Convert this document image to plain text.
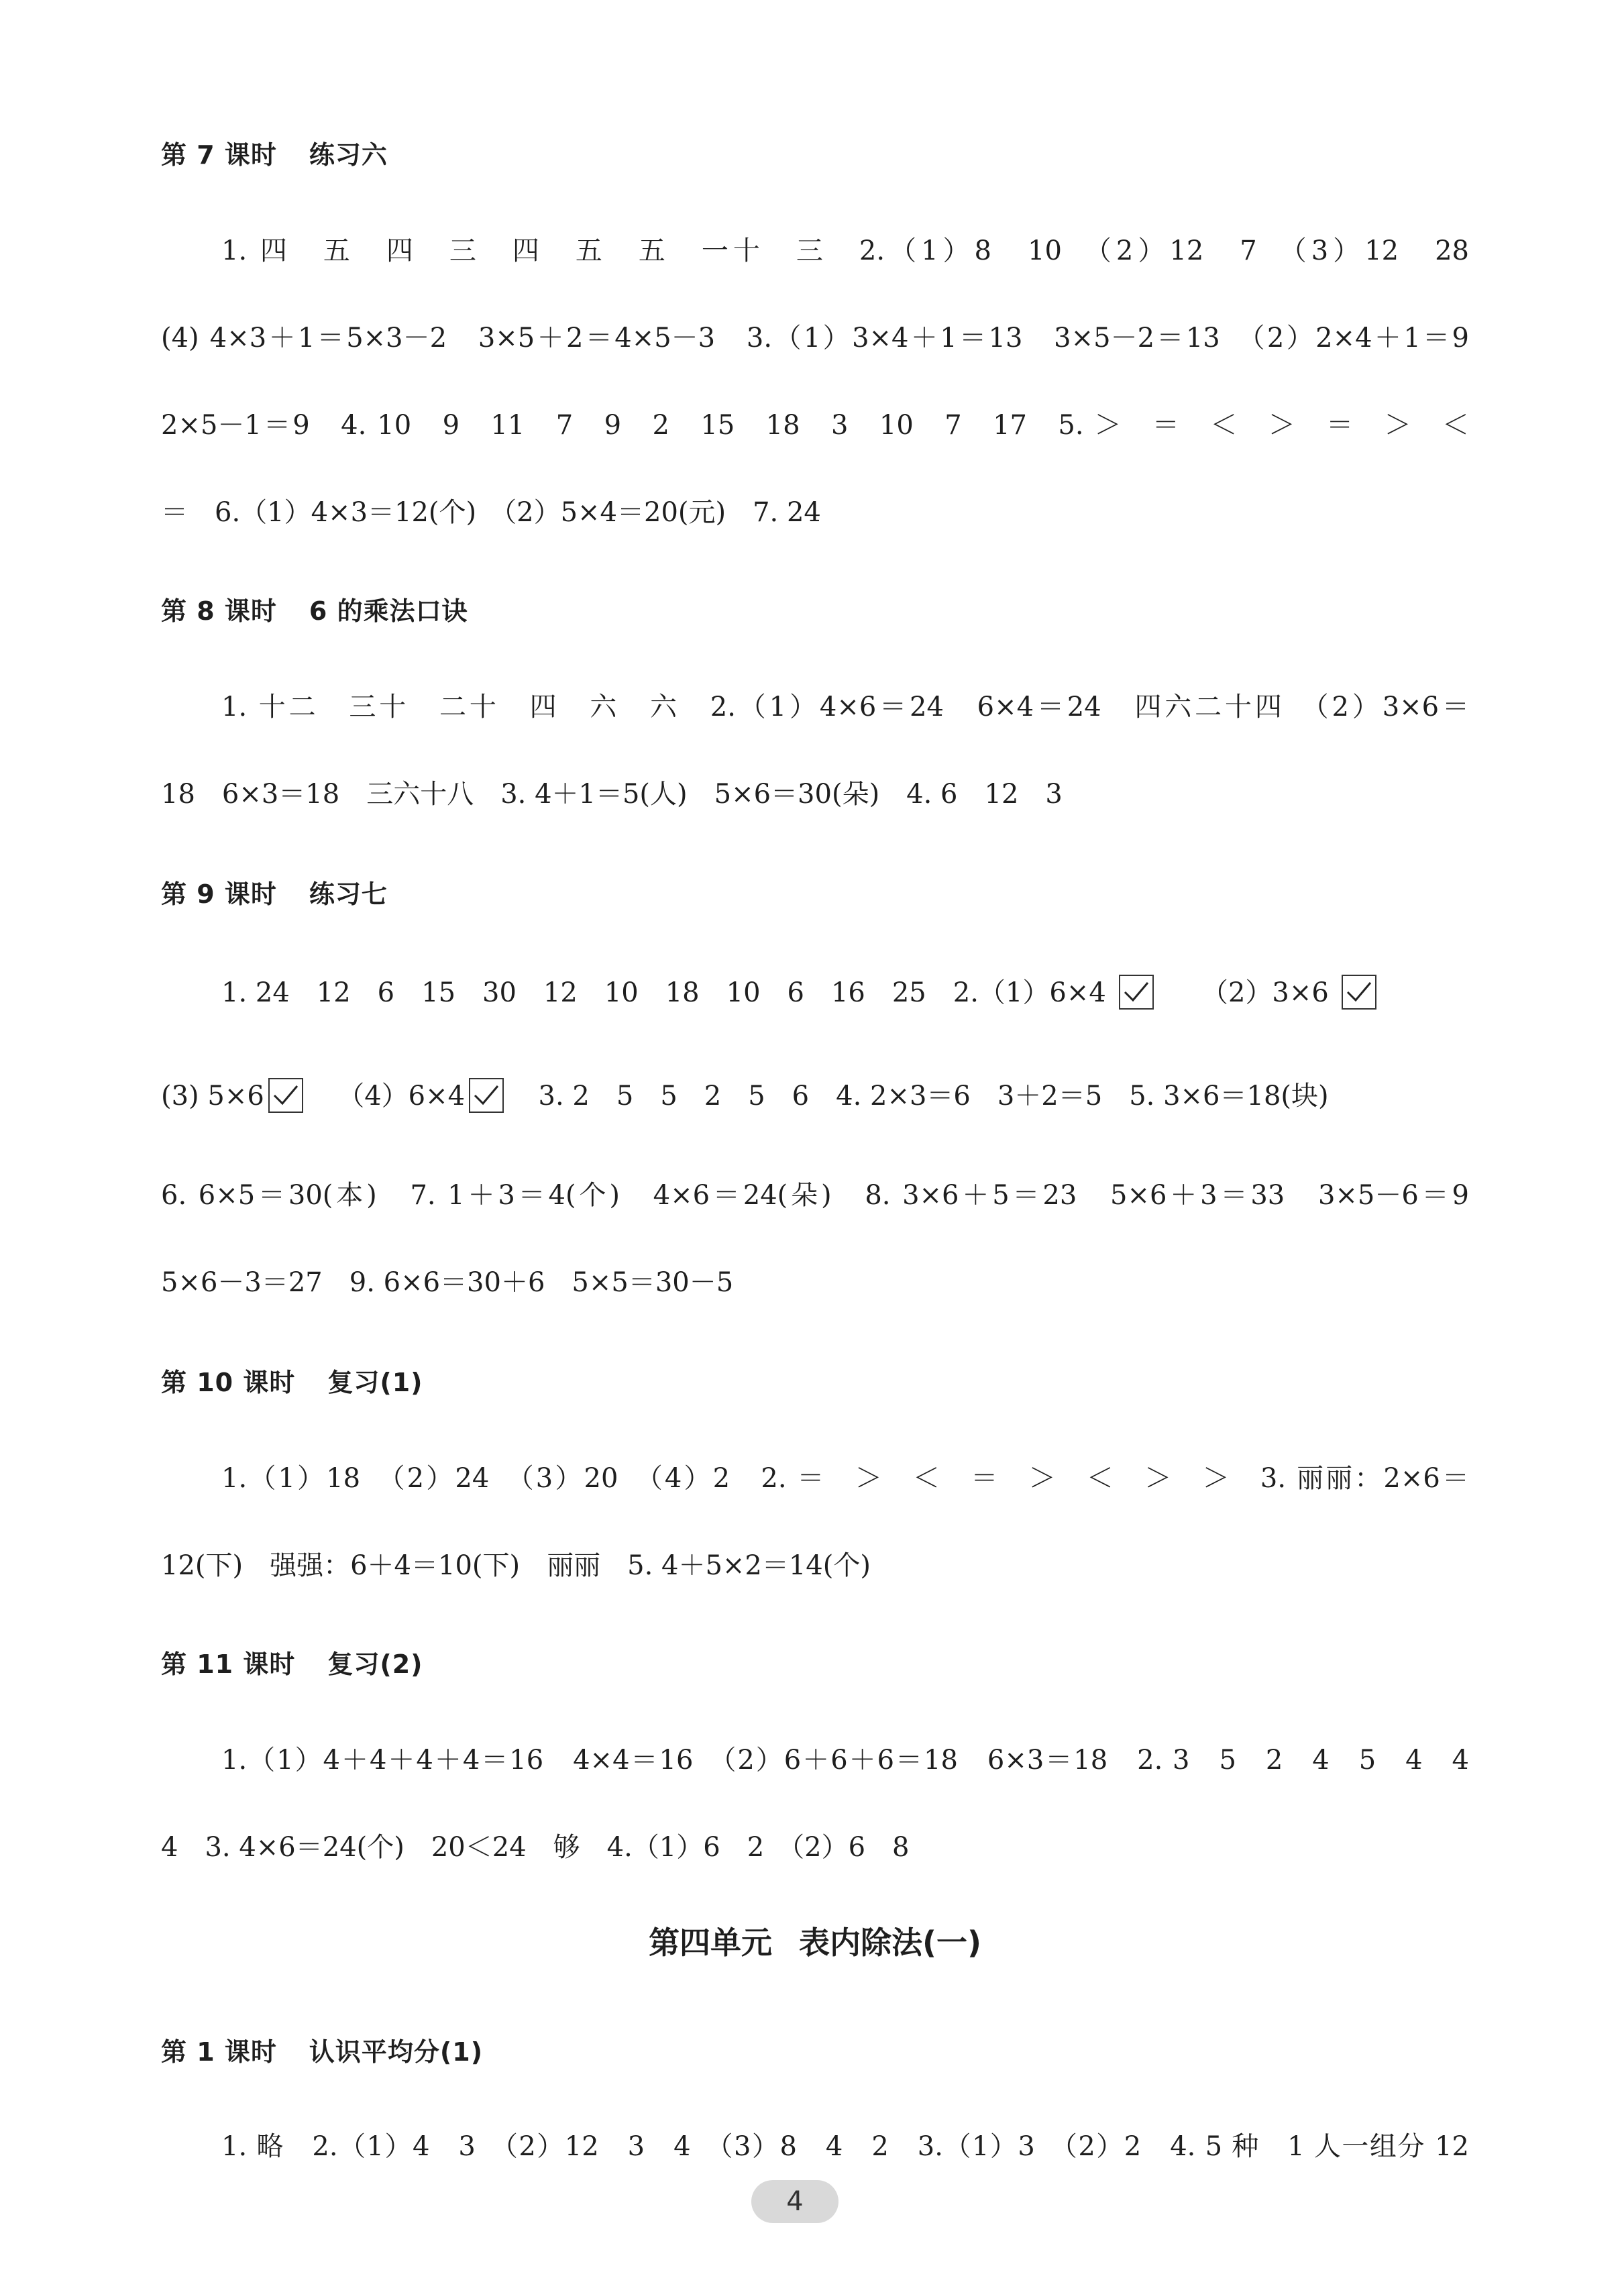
第 7 课时 练习六
1. 四　五　四　三　四　五　五　一十　三　2.（1）8　10　（2）12　7　（3）12　28
(4) 4×3＋1＝5×3－2　3×5＋2＝4×5－3　3.（1）3×4＋1＝13　3×5－2＝13　（2）2×4＋1＝9
2×5－1＝9　4. 10　9　11　7　9　2　15　18　3　10　7　17　5. ＞　＝　＜　＞　＝　＞　＜
＝　6.（1）4×3＝12(个)　（2）5×4＝20(元)　7. 24
第 8 课时 6 的乘法口诀
1. 十二　三十　二十　四　六　六　2.（1）4×6＝24　6×4＝24　四六二十四　（2）3×6＝
18　6×3＝18　三六十八　3. 4＋1＝5(人)　5×6＝30(朵)　4. 6　12　3
第 9 课时 练习七
1. 24　12　6　15　30　12　10　18　10　6　16　25　2.（1）6×4	（2）3×6
(3) 5×6	（4）6×4	3. 2　5　5　2　5　6　4. 2×3＝6　3＋2＝5　5. 3×6＝18(块)
6. 6×5＝30(本)　7. 1＋3＝4(个)　4×6＝24(朵)　8. 3×6＋5＝23　5×6＋3＝33　3×5－6＝9
5×6－3＝27　9. 6×6＝30＋6　5×5＝30－5
第 10 课时 复习(1)
1.（1）18　（2）24　（3）20　（4）2　2. ＝　＞　＜　＝　＞　＜　＞　＞　3. 丽丽：2×6＝
12(下)　强强：6＋4＝10(下)　丽丽　5. 4＋5×2＝14(个)
第 11 课时 复习(2)
1.（1）4＋4＋4＋4＝16　4×4＝16　（2）6＋6＋6＝18　6×3＝18　2. 3　5　2　4　5　4　4
4　3. 4×6＝24(个)　20＜24　够　4.（1）6　2　（2）6　8
第四单元 表内除法(一)
第 1 课时 认识平均分(1)
1. 略　2.（1）4　3　（2）12　3　4　（3）8　4　2　3.（1）3　（2）2　4. 5 种　1 人一组分 12
4
